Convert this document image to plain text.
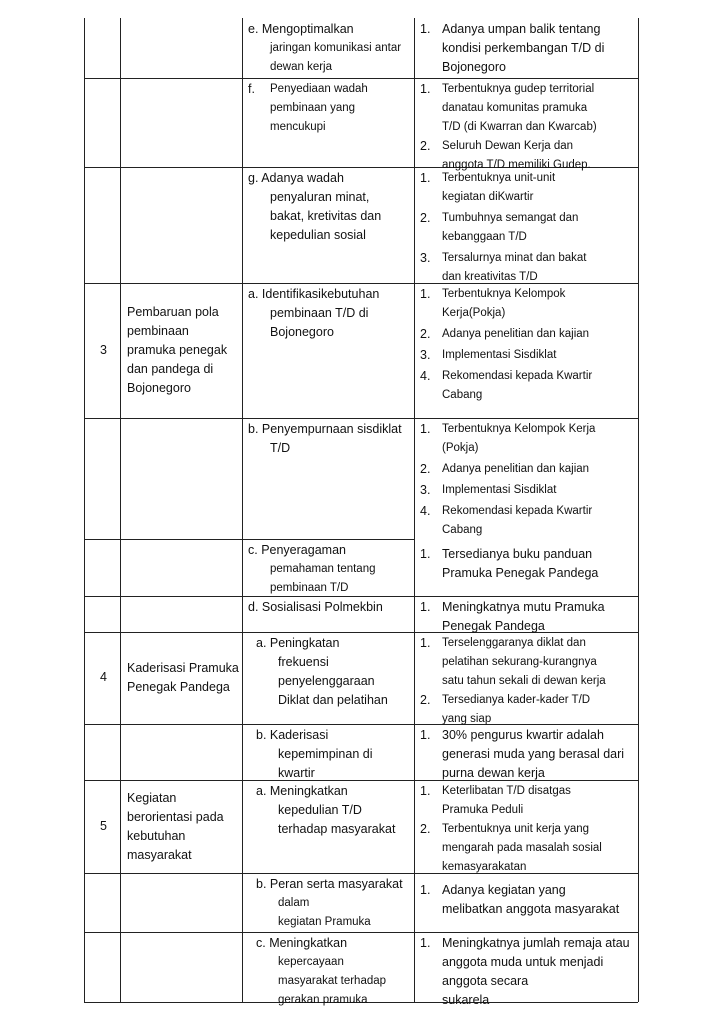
e. Mengoptimalkan
jaringan komunikasi antar
dewan kerja
1. Adanya umpan balik tentang
kondisi perkembangan T/D di
Bojonegoro
f. Penyediaan wadah
pembinaan yang
mencukupi
1. Terbentuknya gudep territorial
danatau komunitas pramuka
T/D (di Kwarran dan Kwarcab)
2. Seluruh Dewan Kerja dan
anggota T/D memiliki Gudep.
g. Adanya wadah
penyaluran minat,
bakat, kretivitas dan
kepedulian sosial
1. Terbentuknya unit-unit
kegiatan diKwartir
2. Tumbuhnya semangat dan
kebanggaan T/D
3. Tersalurnya minat dan bakat
dan kreativitas T/D
3
Pembaruan pola
pembinaan
pramuka penegak
dan pandega di
Bojonegoro
a. Identifikasikebutuhan
pembinaan T/D di
Bojonegoro
1. Terbentuknya Kelompok
Kerja(Pokja)
2. Adanya penelitian dan kajian
3. Implementasi Sisdiklat
4. Rekomendasi kepada Kwartir
Cabang
b. Penyempurnaan sisdiklat
T/D
1. Terbentuknya Kelompok Kerja
(Pokja)
2. Adanya penelitian dan kajian
3. Implementasi Sisdiklat
4. Rekomendasi kepada Kwartir
Cabang
c. Penyeragaman
pemahaman tentang
pembinaan T/D
1. Tersedianya buku panduan
Pramuka Penegak Pandega
d. Sosialisasi Polmekbin	1. Meningkatnya mutu Pramuka
Penegak Pandega
4
Kaderisasi Pramuka
Penegak Pandega
a. Peningkatan
frekuensi
penyelenggaraan
Diklat dan pelatihan
1. Terselenggaranya diklat dan
pelatihan sekurang-kurangnya
satu tahun sekali di dewan kerja
2. Tersedianya kader-kader T/D
yang siap
b. Kaderisasi
kepemimpinan di
kwartir
1. 30% pengurus kwartir adalah
generasi muda yang berasal dari
purna dewan kerja
5
Kegiatan
berorientasi pada
kebutuhan
masyarakat
a. Meningkatkan
kepedulian T/D
terhadap masyarakat
1. Keterlibatan T/D disatgas
Pramuka Peduli
2. Terbentuknya unit kerja yang
mengarah pada masalah sosial
kemasyarakatan
b. Peran serta masyarakat
dalam
kegiatan Pramuka
1. Adanya kegiatan yang
melibatkan anggota masyarakat
c. Meningkatkan
kepercayaan
masyarakat terhadap
gerakan pramuka
1. Meningkatnya jumlah remaja atau
anggota muda untuk menjadi
anggota secara
sukarela
